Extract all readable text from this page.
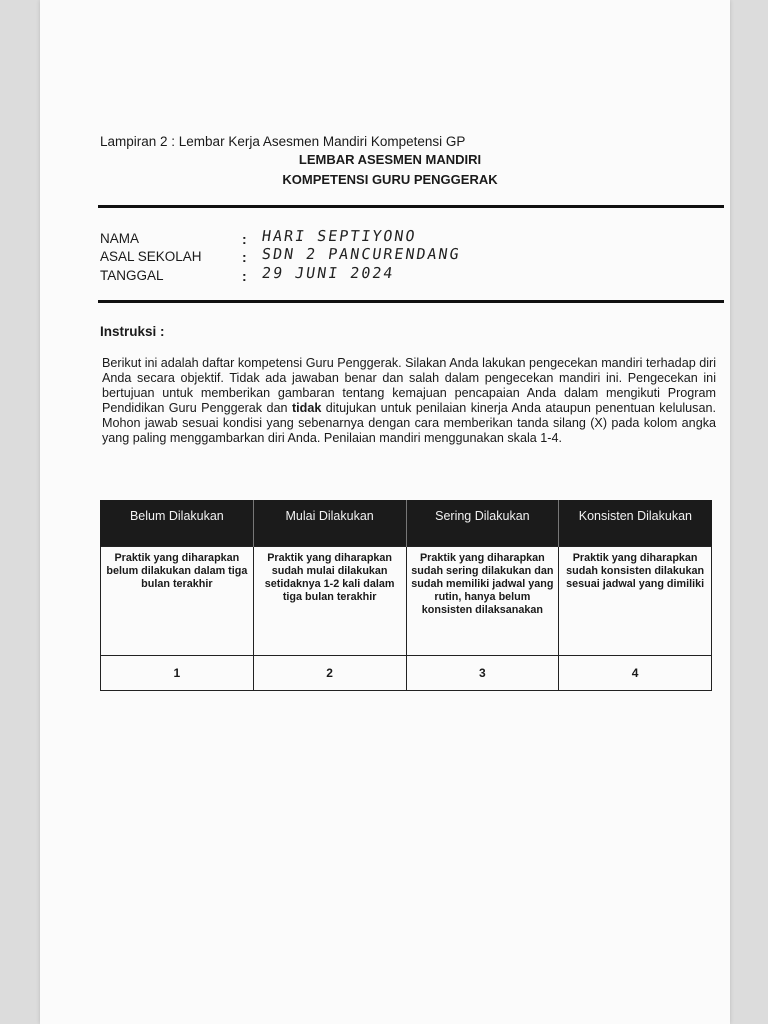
Lampiran 2 : Lembar Kerja Asesmen Mandiri Kompetensi GP
LEMBAR ASESMEN MANDIRI
KOMPETENSI GURU PENGGERAK
NAMA	: HARI SEPTIYONO
ASAL SEKOLAH	: SDN 2 PANCURENDANG
TANGGAL	: 29 JUNI 2024
Instruksi :
Berikut ini adalah daftar kompetensi Guru Penggerak. Silakan Anda lakukan pengecekan mandiri terhadap diri Anda secara objektif. Tidak ada jawaban benar dan salah dalam pengecekan mandiri ini. Pengecekan ini bertujuan untuk memberikan gambaran tentang kemajuan pencapaian Anda dalam mengikuti Program Pendidikan Guru Penggerak dan tidak ditujukan untuk penilaian kinerja Anda ataupun penentuan kelulusan. Mohon jawab sesuai kondisi yang sebenarnya dengan cara memberikan tanda silang (X) pada kolom angka yang paling menggambarkan diri Anda. Penilaian mandiri menggunakan skala 1-4.
Belum Dilakukan	Mulai Dilakukan	Sering Dilakukan	Konsisten Dilakukan
Praktik yang diharapkan belum dilakukan dalam tiga bulan terakhir	Praktik yang diharapkan sudah mulai dilakukan setidaknya 1-2 kali dalam tiga bulan terakhir	Praktik yang diharapkan sudah sering dilakukan dan sudah memiliki jadwal yang rutin, hanya belum konsisten dilaksanakan	Praktik yang diharapkan sudah konsisten dilakukan sesuai jadwal yang dimiliki
1	2	3	4
